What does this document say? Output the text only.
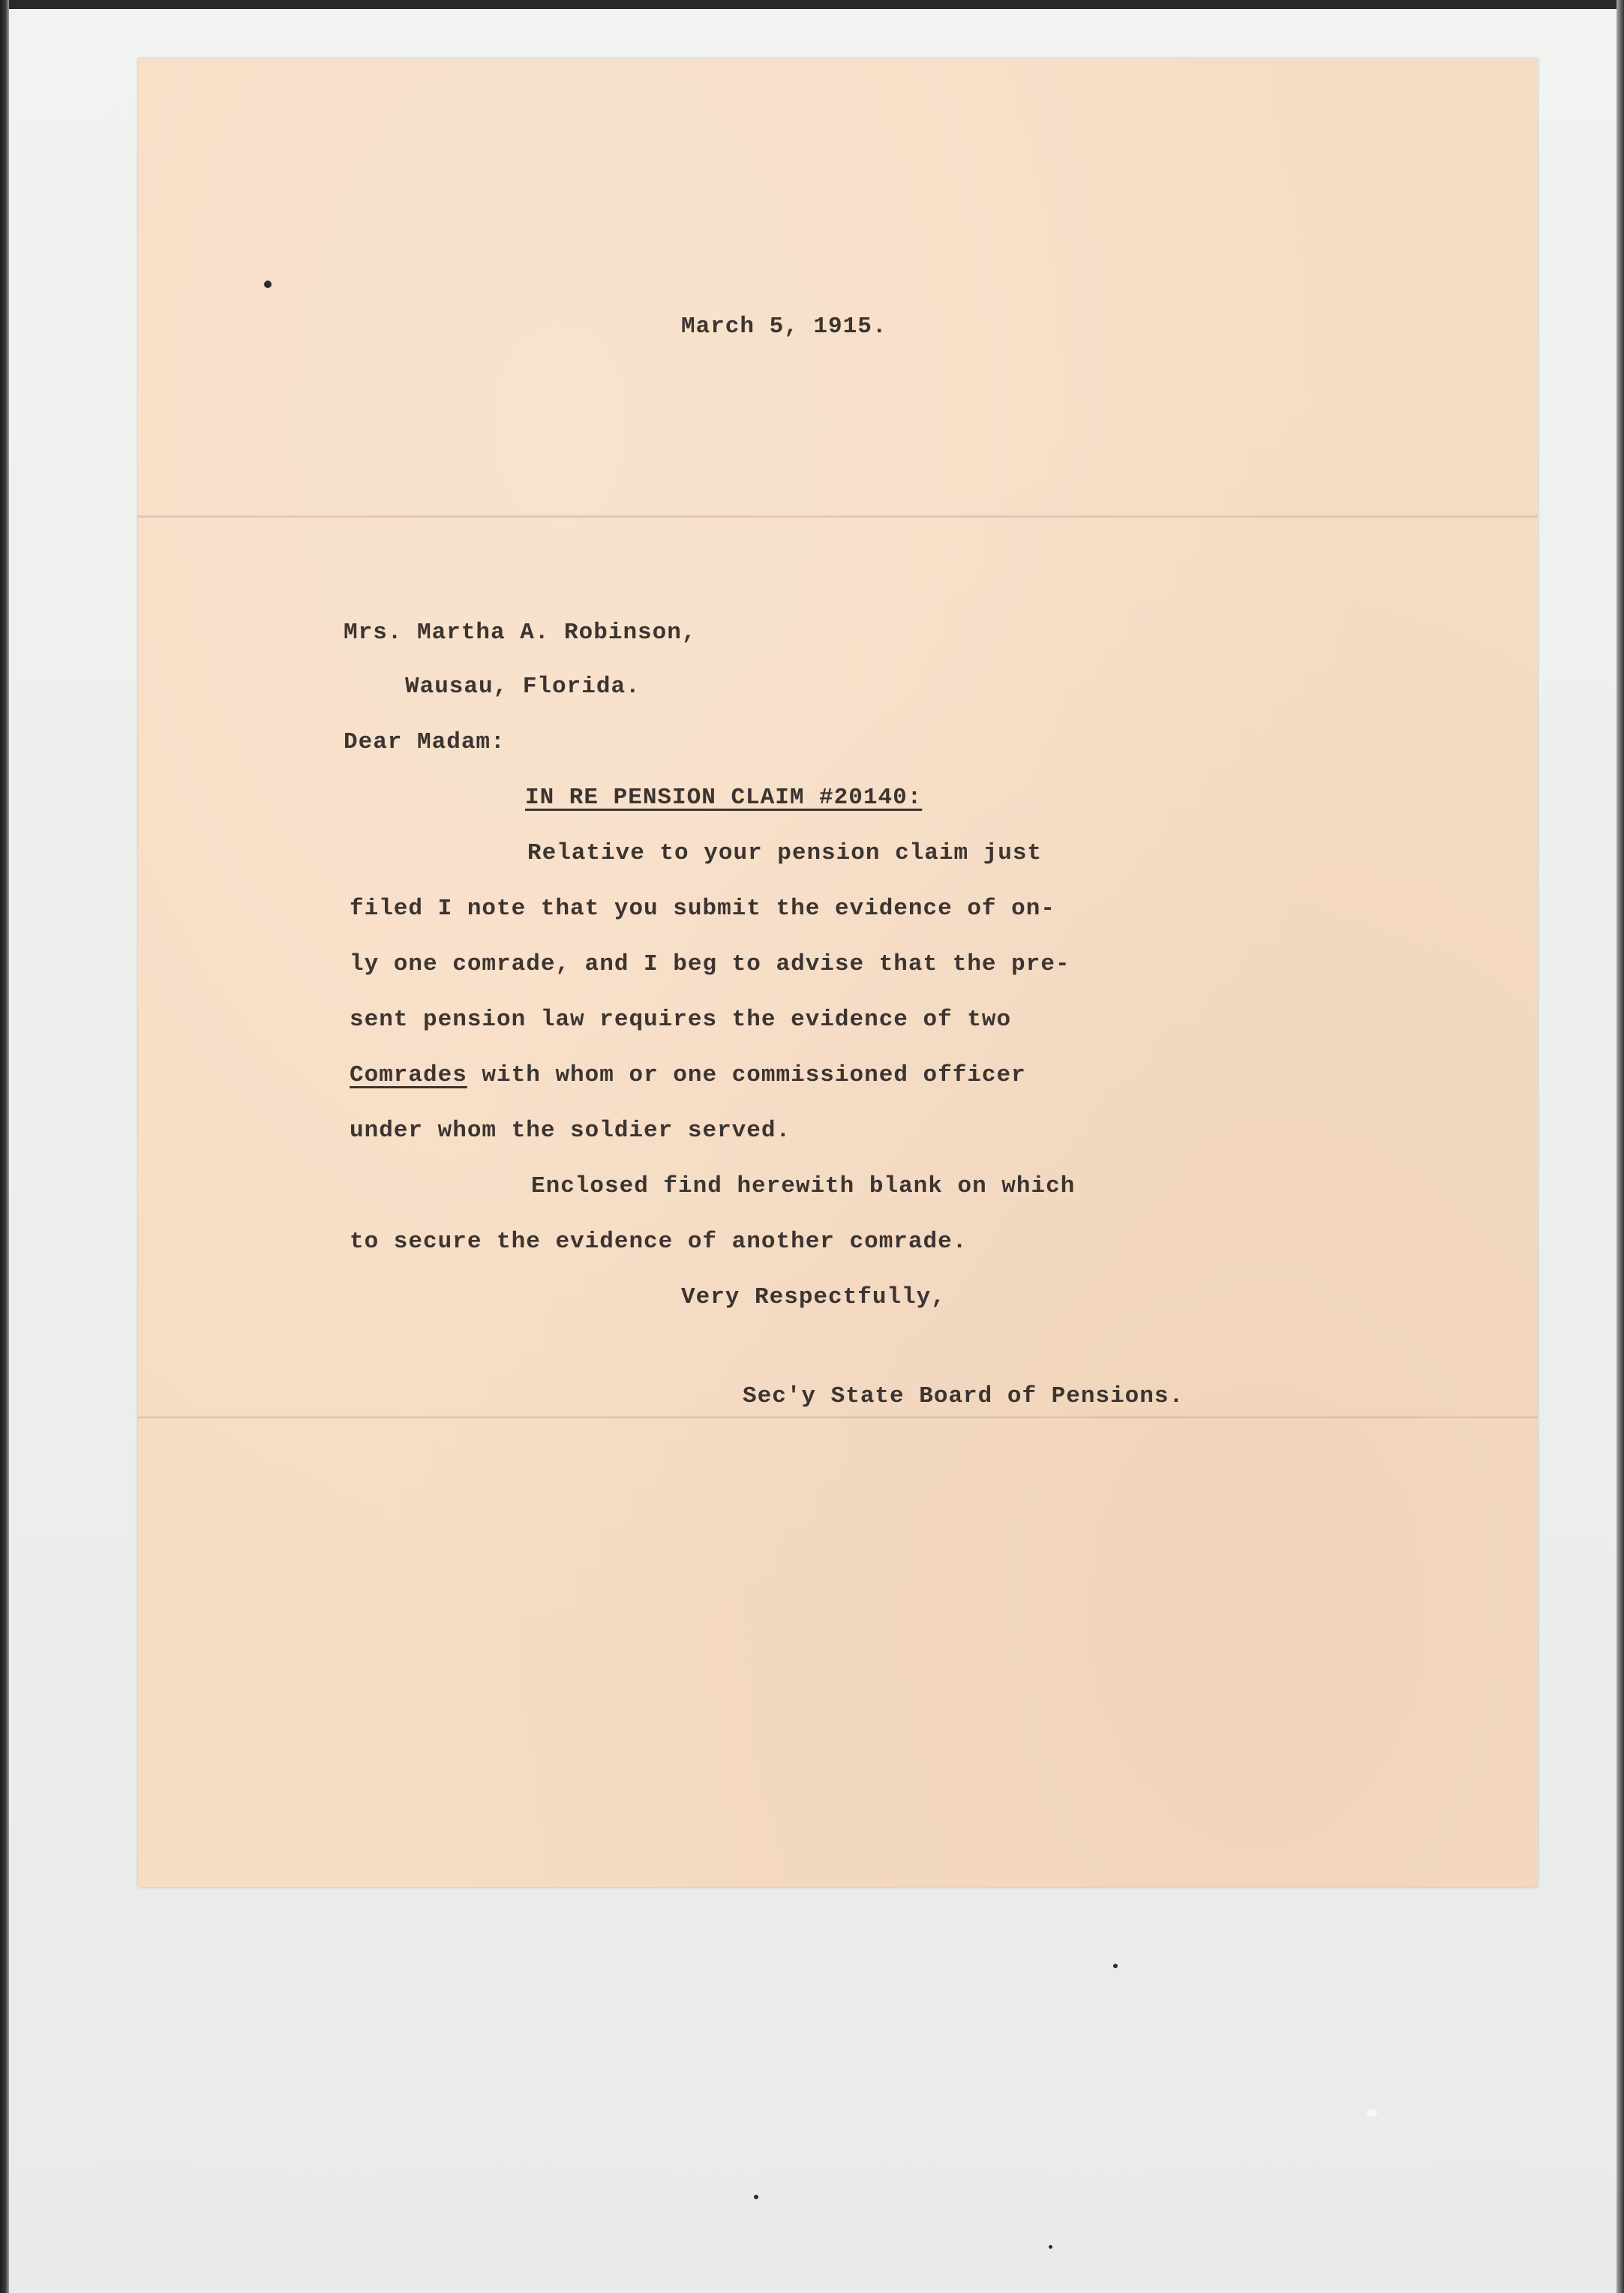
March 5, 1915.

Mrs. Martha A. Robinson,

Wausau, Florida.

Dear Madam:

IN RE PENSION CLAIM #20140:

Relative to your pension claim just

filed I note that you submit the evidence of on-

ly one comrade, and I beg to advise that the pre-

sent pension law requires the evidence of two

Comrades with whom or one commissioned officer

under whom the soldier served.

Enclosed find herewith blank on which

to secure the evidence of another comrade.

Very Respectfully,

Sec'y State Board of Pensions.
